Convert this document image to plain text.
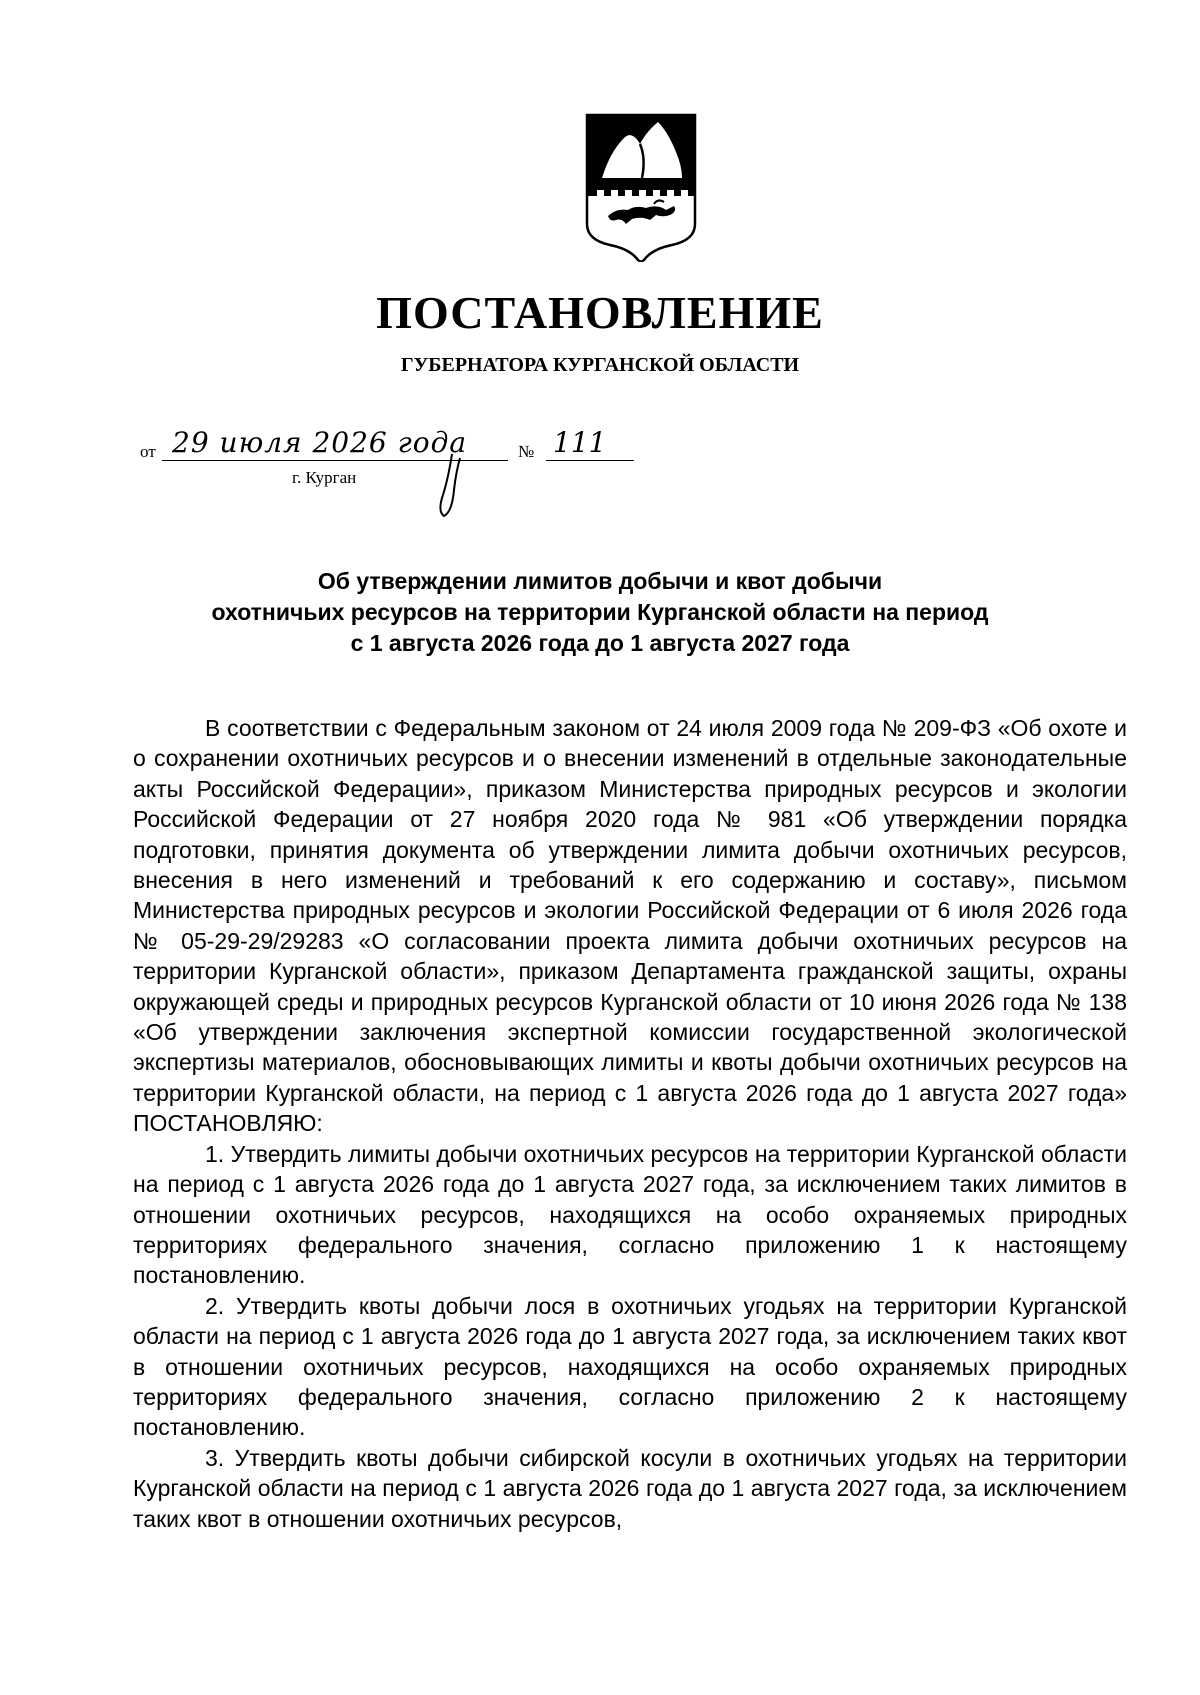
ПОСТАНОВЛЕНИЕ
ГУБЕРНАТОРА КУРГАНСКОЙ ОБЛАСТИ
от 29 июля 2026 года	№ 111
г. Курган
Об утверждении лимитов добычи и квот добычи
охотничьих ресурсов на территории Курганской области на период
с 1 августа 2026 года до 1 августа 2027 года

В соответствии с Федеральным законом от 24 июля 2009 года № 209-ФЗ «Об охоте и о сохранении охотничьих ресурсов и о внесении изменений в отдельные законодательные акты Российской Федерации», приказом Министерства природных ресурсов и экологии Российской Федерации от 27 ноября 2020 года № 981 «Об утверждении порядка подготовки, принятия документа об утверждении лимита добычи охотничьих ресурсов, внесения в него изменений и требований к его содержанию и составу», письмом Министерства природных ресурсов и экологии Российской Федерации от 6 июля 2026 года № 05-29-29/29283 «О согласовании проекта лимита добычи охотничьих ресурсов на территории Курганской области», приказом Департамента гражданской защиты, охраны окружающей среды и природных ресурсов Курганской области от 10 июня 2026 года № 138 «Об утверждении заключения экспертной комиссии государственной экологической экспертизы материалов, обосновывающих лимиты и квоты добычи охотничьих ресурсов на территории Курганской области, на период с 1 августа 2026 года до 1 августа 2027 года» ПОСТАНОВЛЯЮ:

1. Утвердить лимиты добычи охотничьих ресурсов на территории Курганской области на период с 1 августа 2026 года до 1 августа 2027 года, за исключением таких лимитов в отношении охотничьих ресурсов, находящихся на особо охраняемых природных территориях федерального значения, согласно приложению 1 к настоящему постановлению.

2. Утвердить квоты добычи лося в охотничьих угодьях на территории Курганской области на период с 1 августа 2026 года до 1 августа 2027 года, за исключением таких квот в отношении охотничьих ресурсов, находящихся на особо охраняемых природных территориях федерального значения, согласно приложению 2 к настоящему постановлению.

3. Утвердить квоты добычи сибирской косули в охотничьих угодьях на территории Курганской области на период с 1 августа 2026 года до 1 августа 2027 года, за исключением таких квот в отношении охотничьих ресурсов,
